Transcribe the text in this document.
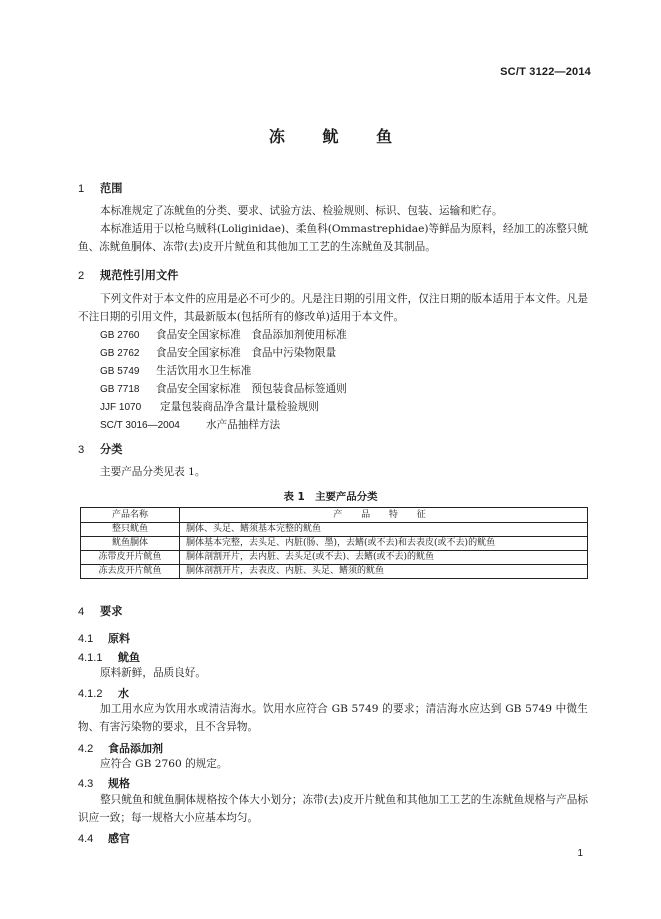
SC/T 3122—2014
冻 鱿 鱼
1 范围

本标准规定了冻鱿鱼的分类、要求、试验方法、检验规则、标识、包装、运输和贮存。

本标准适用于以枪乌贼科(Loliginidae)、柔鱼科(Ommastrephidae)等鲜品为原料，经加工的冻整只鱿鱼、冻鱿鱼胴体、冻带(去)皮开片鱿鱼和其他加工工艺的生冻鱿鱼及其制品。

2 规范性引用文件

下列文件对于本文件的应用是必不可少的。凡是注日期的引用文件，仅注日期的版本适用于本文件。凡是不注日期的引用文件，其最新版本(包括所有的修改单)适用于本文件。

GB 2760 食品安全国家标准　食品添加剂使用标准
GB 2762 食品安全国家标准　食品中污染物限量
GB 5749 生活饮用水卫生标准
GB 7718 食品安全国家标准　预包装食品标签通则
JJF 1070 定量包装商品净含量计量检验规则
SC/T 3016—2004 水产品抽样方法
3 分类

主要产品分类见表 1。

表 1　主要产品分类
产品名称	产 品 特 征
整只鱿鱼	胴体、头足、鳍须基本完整的鱿鱼
鱿鱼胴体	胴体基本完整，去头足、内脏(肠、墨)，去鳍(或不去)和去表皮(或不去)的鱿鱼
冻带皮开片鱿鱼	胴体剖割开片，去内脏、去头足(或不去)、去鳍(或不去)的鱿鱼
冻去皮开片鱿鱼	胴体剖割开片，去表皮、内脏、头足、鳍须的鱿鱼
4 要求
4.1 原料
4.1.1 鱿鱼

原料新鲜，品质良好。

4.1.2 水

加工用水应为饮用水或清洁海水。饮用水应符合 GB 5749 的要求；清洁海水应达到 GB 5749 中微生物、有害污染物的要求，且不含异物。

4.2 食品添加剂

应符合 GB 2760 的规定。

4.3 规格

整只鱿鱼和鱿鱼胴体规格按个体大小划分；冻带(去)皮开片鱿鱼和其他加工工艺的生冻鱿鱼规格与产品标识应一致；每一规格大小应基本均匀。

4.4 感官
1
